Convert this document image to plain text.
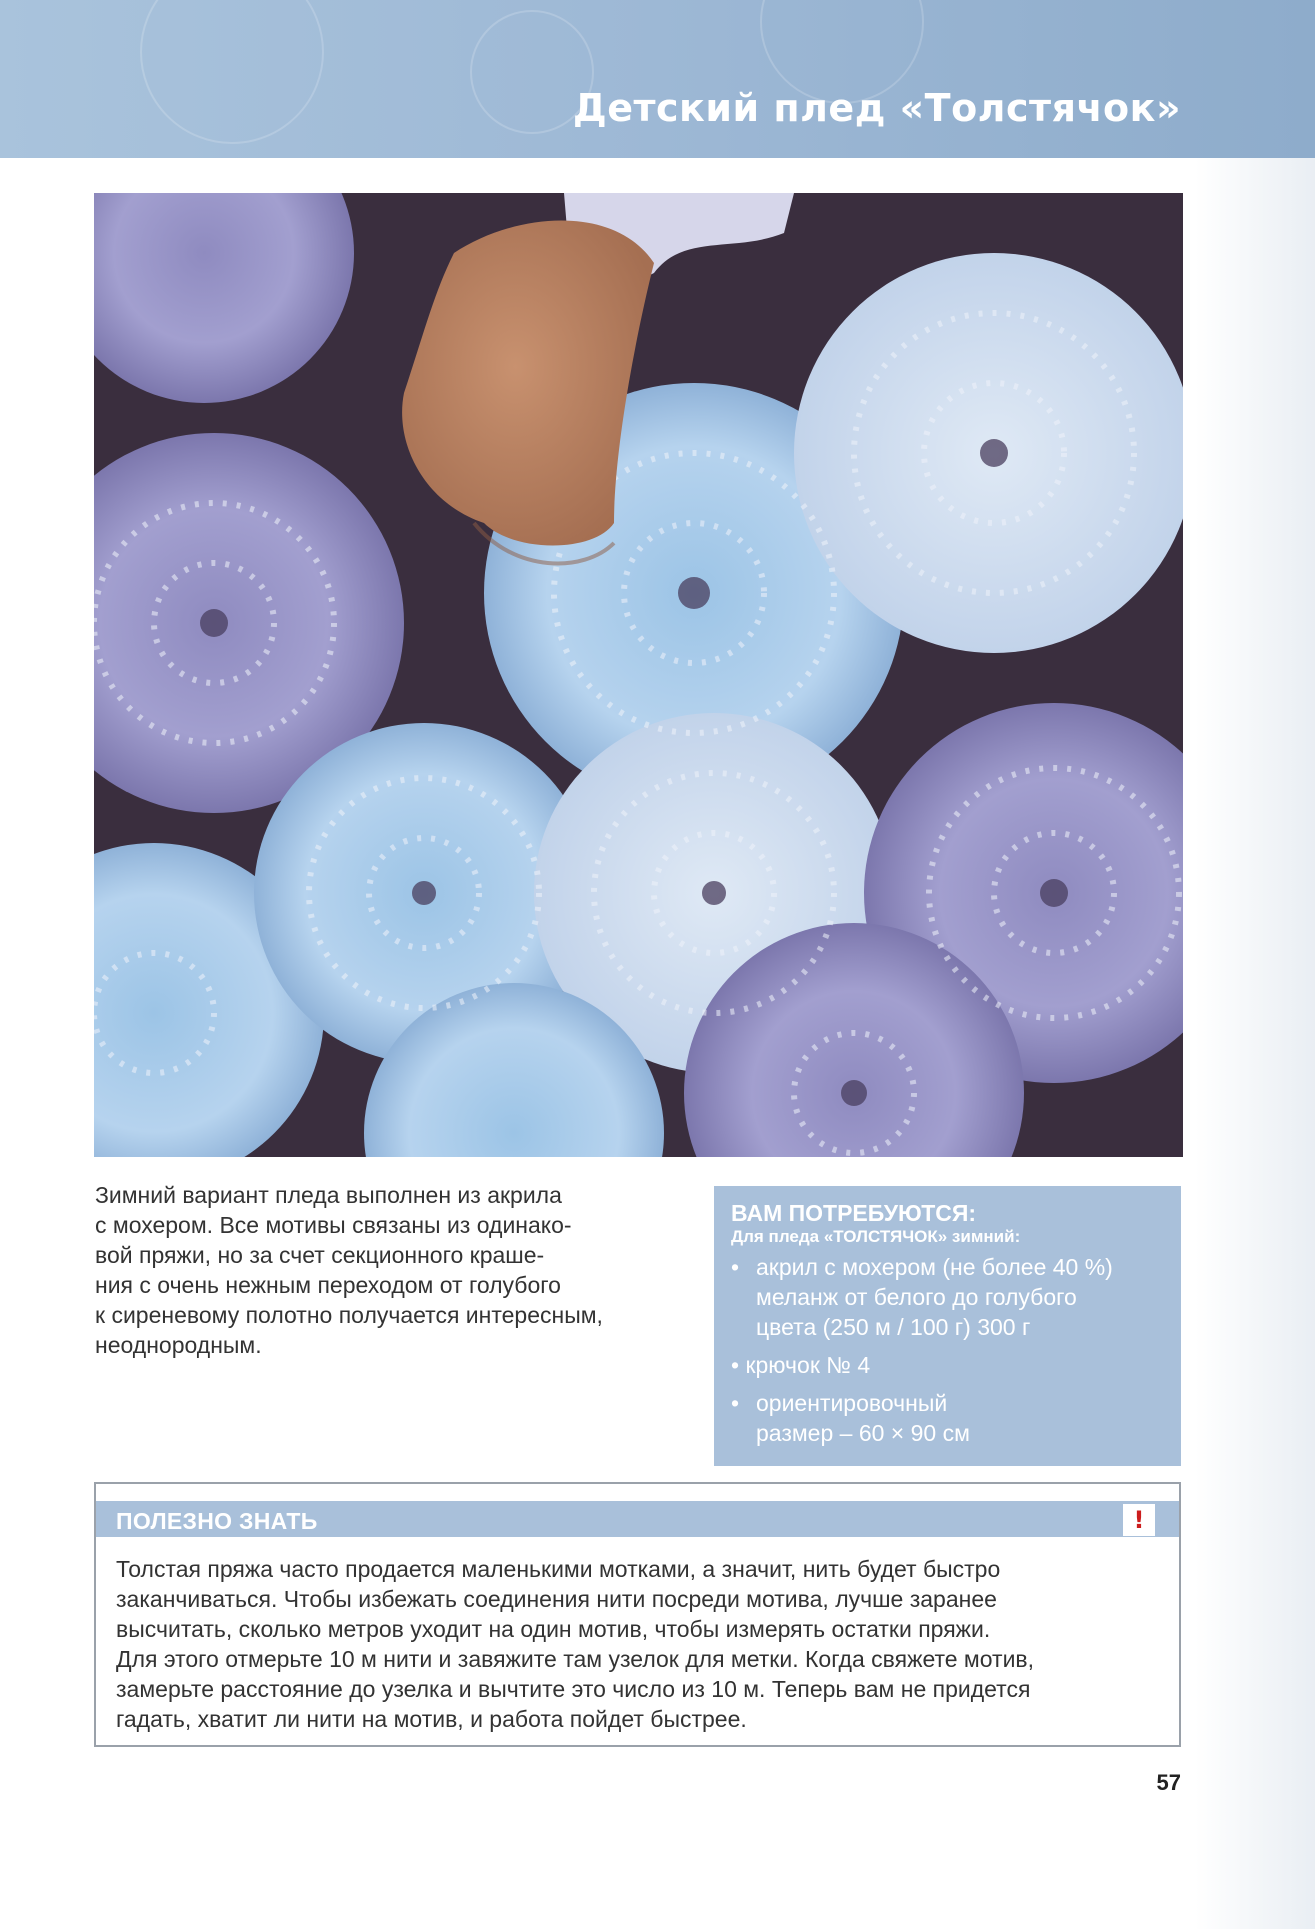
Детский плед «Толстячок»

Зимний вариант пледа выполнен из акрила
с мохером. Все мотивы связаны из одинако-
вой пряжи, но за счет секционного краше-
ния с очень нежным переходом от голубого
к сиреневому полотно получается интересным,
неоднородным.

ВАМ ПОТРЕБУЮТСЯ:

Для пледа «ТОЛСТЯЧОК» зимний:

• акрил с мохером (не более 40 %)
меланж от белого до голубого
цвета (250 м / 100 г) 300 г
• крючок № 4
• ориентировочный
размер – 60 × 90 см

ПОЛЕЗНО ЗНАТЬ	!

Толстая пряжа часто продается маленькими мотками, а значит, нить будет быстро
заканчиваться. Чтобы избежать соединения нити посреди мотива, лучше заранее
высчитать, сколько метров уходит на один мотив, чтобы измерять остатки пряжи.
Для этого отмерьте 10 м нити и завяжите там узелок для метки. Когда свяжете мотив,
замерьте расстояние до узелка и вычтите это число из 10 м. Теперь вам не придется
гадать, хватит ли нити на мотив, и работа пойдет быстрее.

57
